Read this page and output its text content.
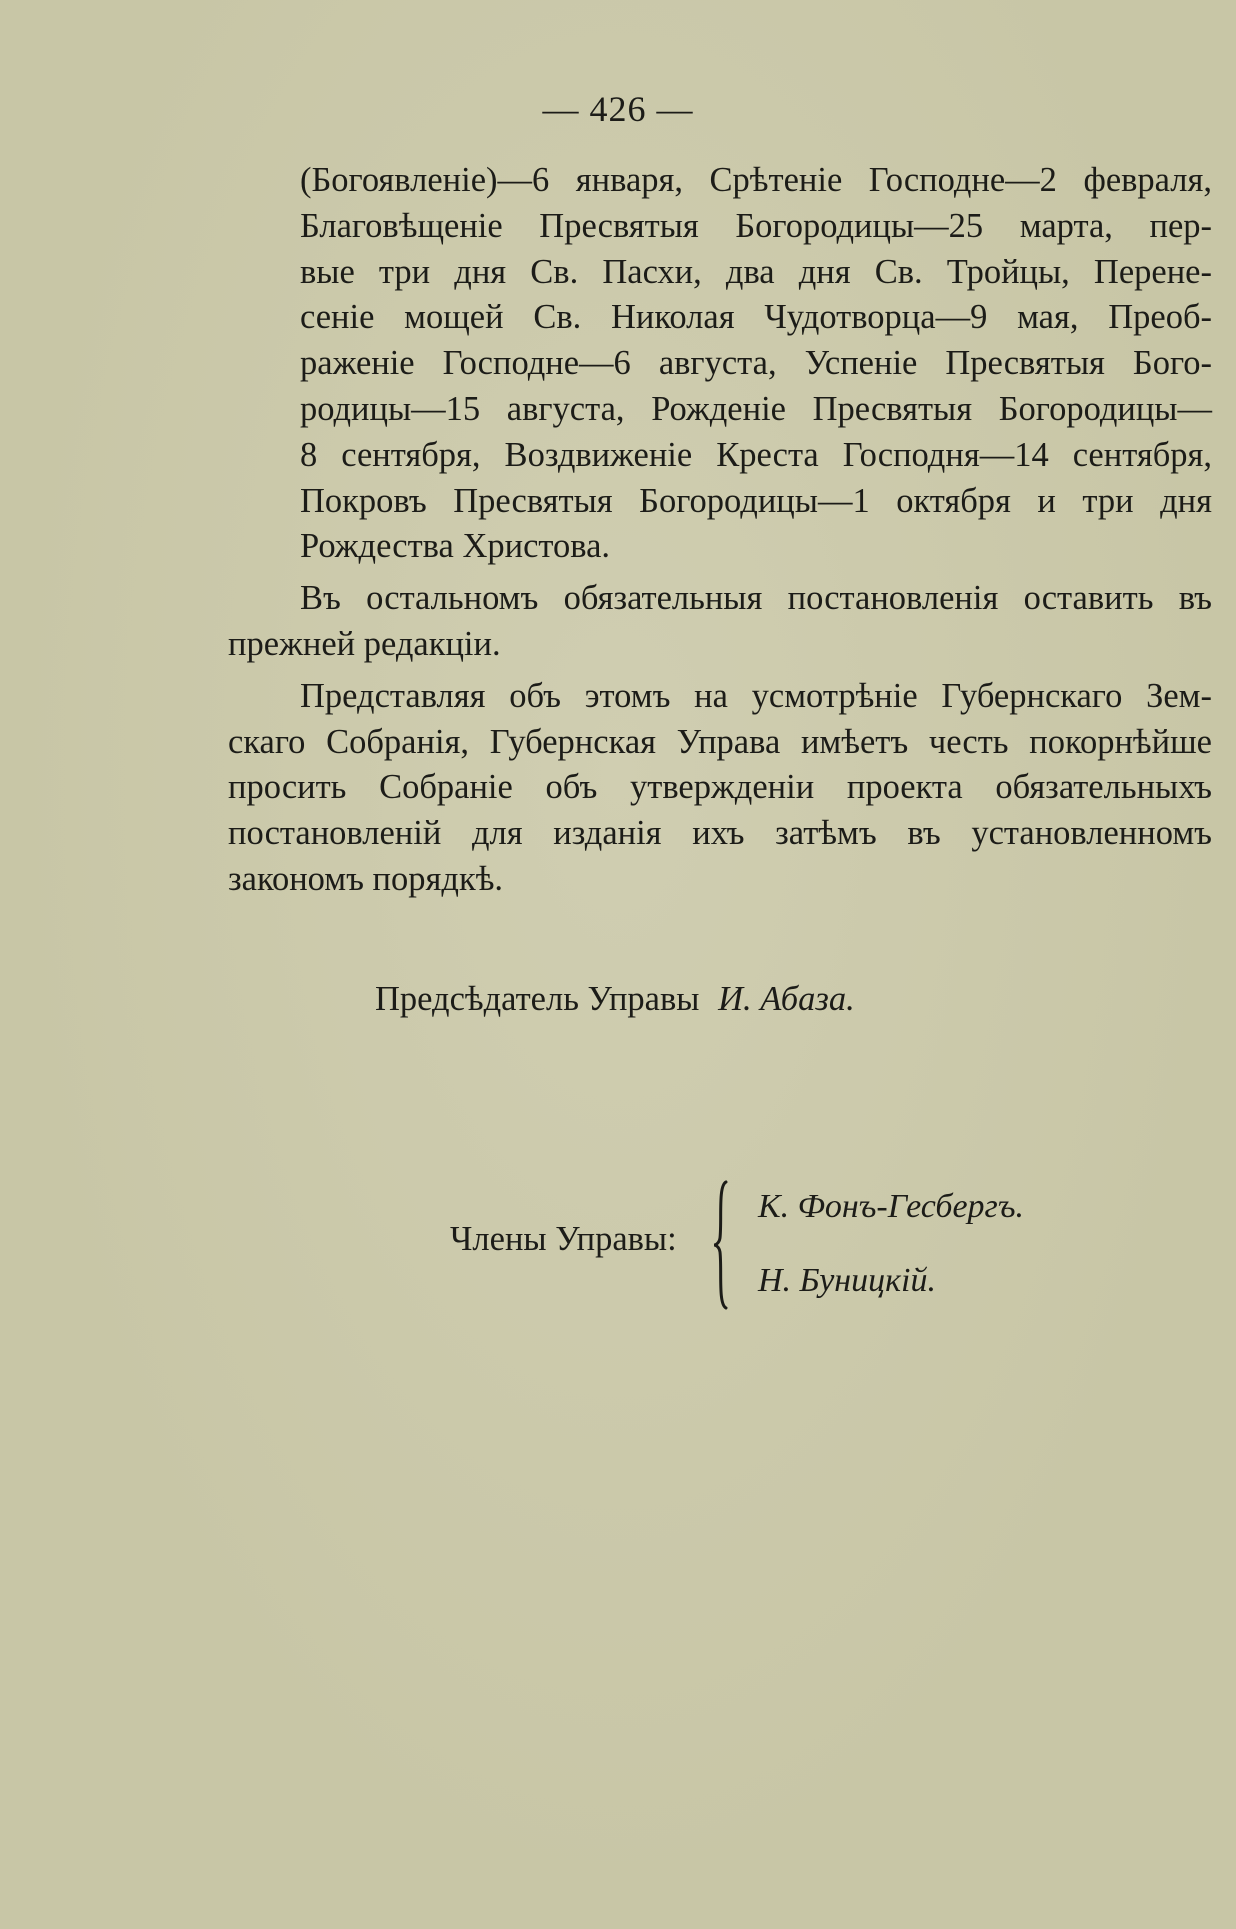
— 426 —
(Богоявленіе)—6 января, Срѣтеніе Господне—2 февраля,
Благовѣщеніе Пресвятыя Богородицы—25 марта, пер-
вые три дня Св. Пасхи, два дня Св. Тройцы, Перене-
сеніе мощей Св. Николая Чудотворца—9 мая, Преоб-
раженіе Господне—6 августа, Успеніе Пресвятыя Бого-
родицы—15 августа, Рожденіе Пресвятыя Богородицы—
8 сентября, Воздвиженіе Креста Господня—14 сентября,
Покровъ Пресвятыя Богородицы—1 октября и три дня
Рождества Христова.
Въ остальномъ обязательныя постановленія оставить въ
прежней редакціи.
Представляя объ этомъ на усмотрѣніе Губернскаго Зем-
скаго Собранія, Губернская Управа имѣетъ честь покорнѣйше
просить Собраніе объ утвержденіи проекта обязательныхъ
постановленій для изданія ихъ затѣмъ въ установленномъ
закономъ порядкѣ.
Предсѣдатель Управы И. Абаза.
Члены Управы:
К. Фонъ-Гесбергъ.
Н. Буницкій.
